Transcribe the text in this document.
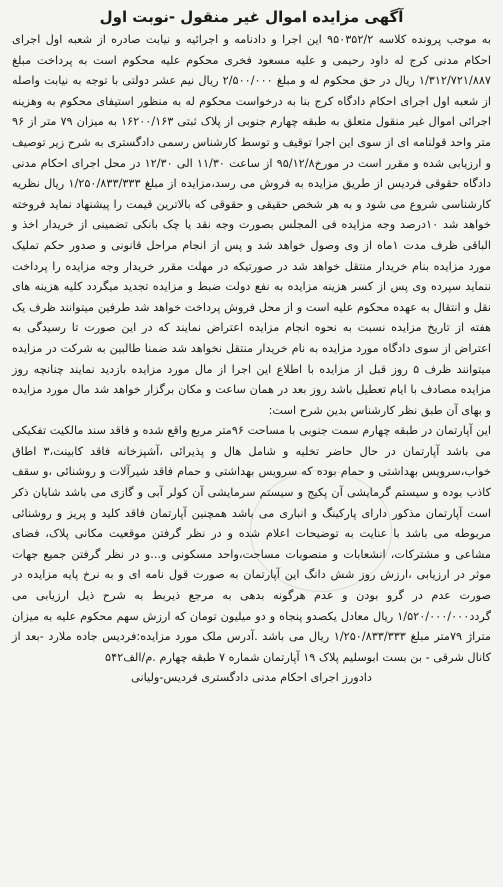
آگهی مزایده اموال غیر منقول -نوبت اول

به موجب پرونده کلاسه ۹۵۰۳۵۲/۲ این اجرا و دادنامه و اجرائیه و نیابت صادره از شعبه اول اجرای احکام مدنی کرج له داود رحیمی و علیه مسعود فخری محکوم علیه محکوم است به پرداخت مبلغ ۱/۳۱۲/۷۲۱/۸۸۷ ریال در حق محکوم له و مبلغ ۲/۵۰۰/۰۰۰ ریال نیم عشر دولتی با توجه به نیابت واصله از شعبه اول اجرای احکام دادگاه کرج بنا به درخواست محکوم له به منظور استیفای محکوم به وهزینه اجرائی اموال غیر منقول متعلق به طبقه چهارم جنوبی از پلاک ثبتی ۱۶۲۰۰/۱۶۳ به میزان ۷۹ متر از ۹۶ متر واحد قولنامه ای از سوی این اجرا توقیف و توسط کارشناس رسمی دادگستری به شرح زیر توصیف و ارزیابی شده و مقرر است در مورخ۹۵/۱۲/۸ از ساعت ۱۱/۳۰ الی ۱۲/۳۰ در محل اجرای احکام مدنی دادگاه حقوقی فردیس از طریق مزایده به فروش می رسد،مزایده از مبلغ ۱/۲۵۰/۸۳۳/۳۳۳ ریال نظریه کارشناسی شروع می شود و به هر شخص حقیقی و حقوقی که بالاترین قیمت را پیشنهاد نماید فروخته خواهد شد ۱۰درصد وجه مزایده فی المجلس بصورت وجه نقد یا چک بانکی تضمینی از خریدار اخذ و الباقی ظرف مدت ۱ماه از وی وصول خواهد شد و پس از انجام مراحل قانونی و صدور حکم تملیک مورد مزایده بنام خریدار منتقل خواهد شد در صورتیکه در مهلت مقرر خریدار وجه مزایده را پرداخت ننماید سپرده وی پس از کسر هزینه مزایده به نفع دولت ضبط و مزایده تجدید میگردد کلیه هزینه های نقل و انتقال به عهده محکوم علیه است و از محل فروش پرداخت خواهد شد طرفین میتوانند ظرف یک هفته از تاریخ مزایده نسبت به نحوه انجام مزایده اعتراض نمایند که در این صورت تا رسیدگی به اعتراض از سوی دادگاه مورد مزایده به نام خریدار منتقل نخواهد شد ضمنا طالبین به شرکت در مزایده میتوانند ظرف ۵ روز قبل از مزایده با اطلاع این اجرا از مال مورد مزایده بازدید نمایند چنانچه روز مزایده مصادف با ایام تعطیل باشد روز بعد در همان ساعت و مکان برگزار خواهد شد مال مورد مزایده و بهای آن طبق نظر کارشناس بدین شرح است:

این آپارتمان در طبقه چهارم سمت جنوبی با مساحت ۹۶متر مربع واقع شده و فاقد سند مالکیت تفکیکی می باشد آپارتمان در حال حاضر تخلیه و شامل هال و پذیرائی ،آشپزخانه فاقد کابینت،۳ اطاق خواب،سرویس بهداشتی و حمام بوده که سرویس بهداشتی و حمام فاقد شیرآلات و روشنائی ،و سقف کاذب بوده و سیستم گرمایشی آن پکیج و سیستم سرمایشی آن کولر آبی و گازی می باشد شایان ذکر است آپارتمان مذکور دارای پارکینگ و انباری می باشد همچنین آپارتمان فاقد کلید و پریز و روشنائی مربوطه می باشد با عنایت به توضیحات اعلام شده و در نظر گرفتن موقعیت مکانی پلاک، فضای مشاعی و مشترکات، انشعابات و منصوبات مساحت،واحد مسکونی و...و در نظر گرفتن جمیع جهات موثر در ارزیابی ،ارزش روز شش دانگ این آپارتمان به صورت قول نامه ای و به نرخ پایه مزایده در صورت عدم در گرو بودن و عدم هرگونه بدهی به مرجع ذیربط به شرح ذیل ارزیابی می گردد۱/۵۲۰/۰۰۰/۰۰۰ ریال معادل یکصدو پنجاه و دو میلیون تومان که ارزش سهم محکوم علیه به میزان متراژ ۷۹متر مبلغ ۱/۲۵۰/۸۳۳/۳۳۳ ریال می باشد .آدرس ملک مورد مزایده:فردیس جاده ملارد -بعد از کانال شرقی - بن بست ابوسلیم پلاک ۱۹ آپارتمان شماره ۷ طبقه چهارم .م/الف۵۴۲

دادورز اجرای احکام مدنی دادگستری فردیس-ولیانی
